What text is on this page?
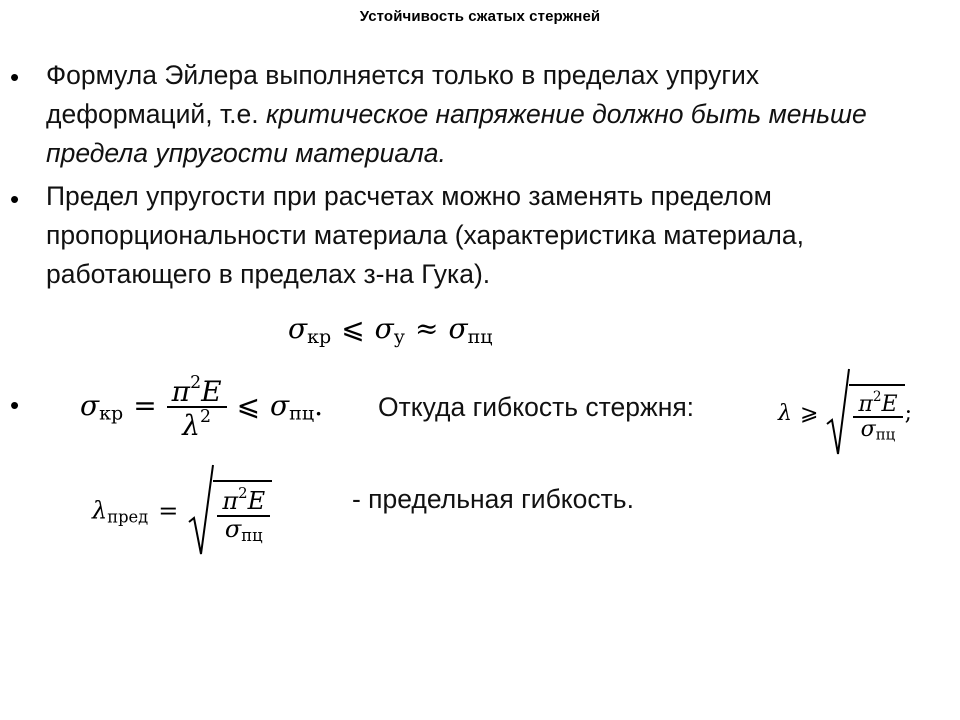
Устойчивость сжатых стержней
• Формула Эйлера выполняется только в пределах упругих деформаций, т.е. критическое напряжение должно быть меньше предела упругости материала.
• Предел упругости при расчетах можно заменять пределом пропорциональности материала (характеристика материала, работающего в пределах з-на Гука).
$\sigma_{кр}$ ⩽ $\sigma_у \approx \sigma_{пц}$
• $\sigma_{кр} = \frac{\pi^2E}{\lambda^2}$ ⩽ $\sigma_{пц}$. Откуда гибкость стержня:	λ ⩾ $\frac{\pi^2E}{\sigma_{пц}}$ ;
$\lambda_{пред} = \frac{\pi^2E}{\sigma_{пц}}$	- предельная гибкость.
